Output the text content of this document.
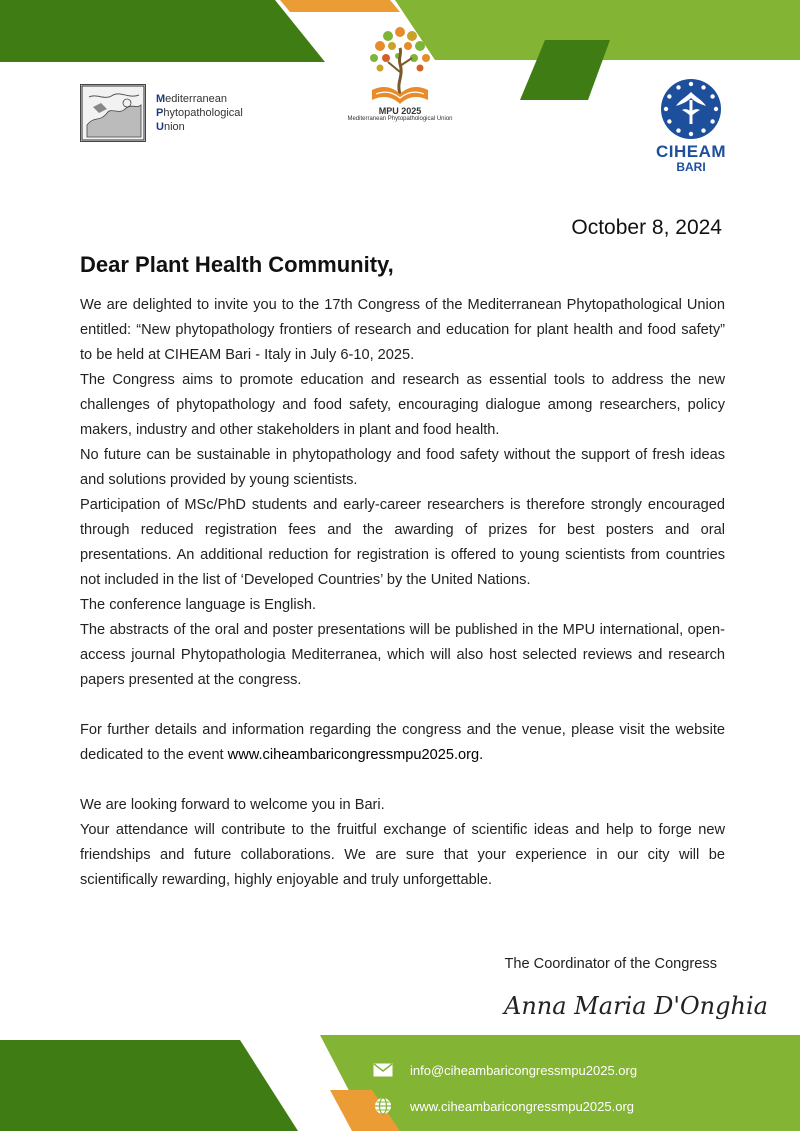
Mediterranean
Phytopathological
Union
MPU 2025
Mediterranean Phytopathological Union
CIHEAM
BARI
October 8, 2024
Dear Plant Health Community,

We are delighted to invite you to the 17th Congress of the Mediterranean Phytopathological Union entitled: “New phytopathology frontiers of research and education for plant health and food safety” to be held at CIHEAM Bari - Italy in July 6-10, 2025.

The Congress aims to promote education and research as essential tools to address the new challenges of phytopathology and food safety, encouraging dialogue among researchers, policy makers, industry and other stakeholders in plant and food health.

No future can be sustainable in phytopathology and food safety without the support of fresh ideas and solutions provided by young scientists.

Participation of MSc/PhD students and early-career researchers is therefore strongly encouraged through reduced registration fees and the awarding of prizes for best posters and oral presentations. An additional reduction for registration is offered to young scientists from countries not included in the list of ‘Developed Countries’ by the United Nations.

The conference language is English.

The abstracts of the oral and poster presentations will be published in the MPU international, open-access journal Phytopathologia Mediterranea, which will also host selected reviews and research papers presented at the congress.

For further details and information regarding the congress and the venue, please visit the website dedicated to the event www.ciheambaricongressmpu2025.org.

We are looking forward to welcome you in Bari.

Your attendance will contribute to the fruitful exchange of scientific ideas and help to forge new friendships and future collaborations. We are sure that your experience in our city will be scientifically rewarding, highly enjoyable and truly unforgettable.

The Coordinator of the Congress
Anna Maria D'Onghia
info@ciheambaricongressmpu2025.org
www.ciheambaricongressmpu2025.org
